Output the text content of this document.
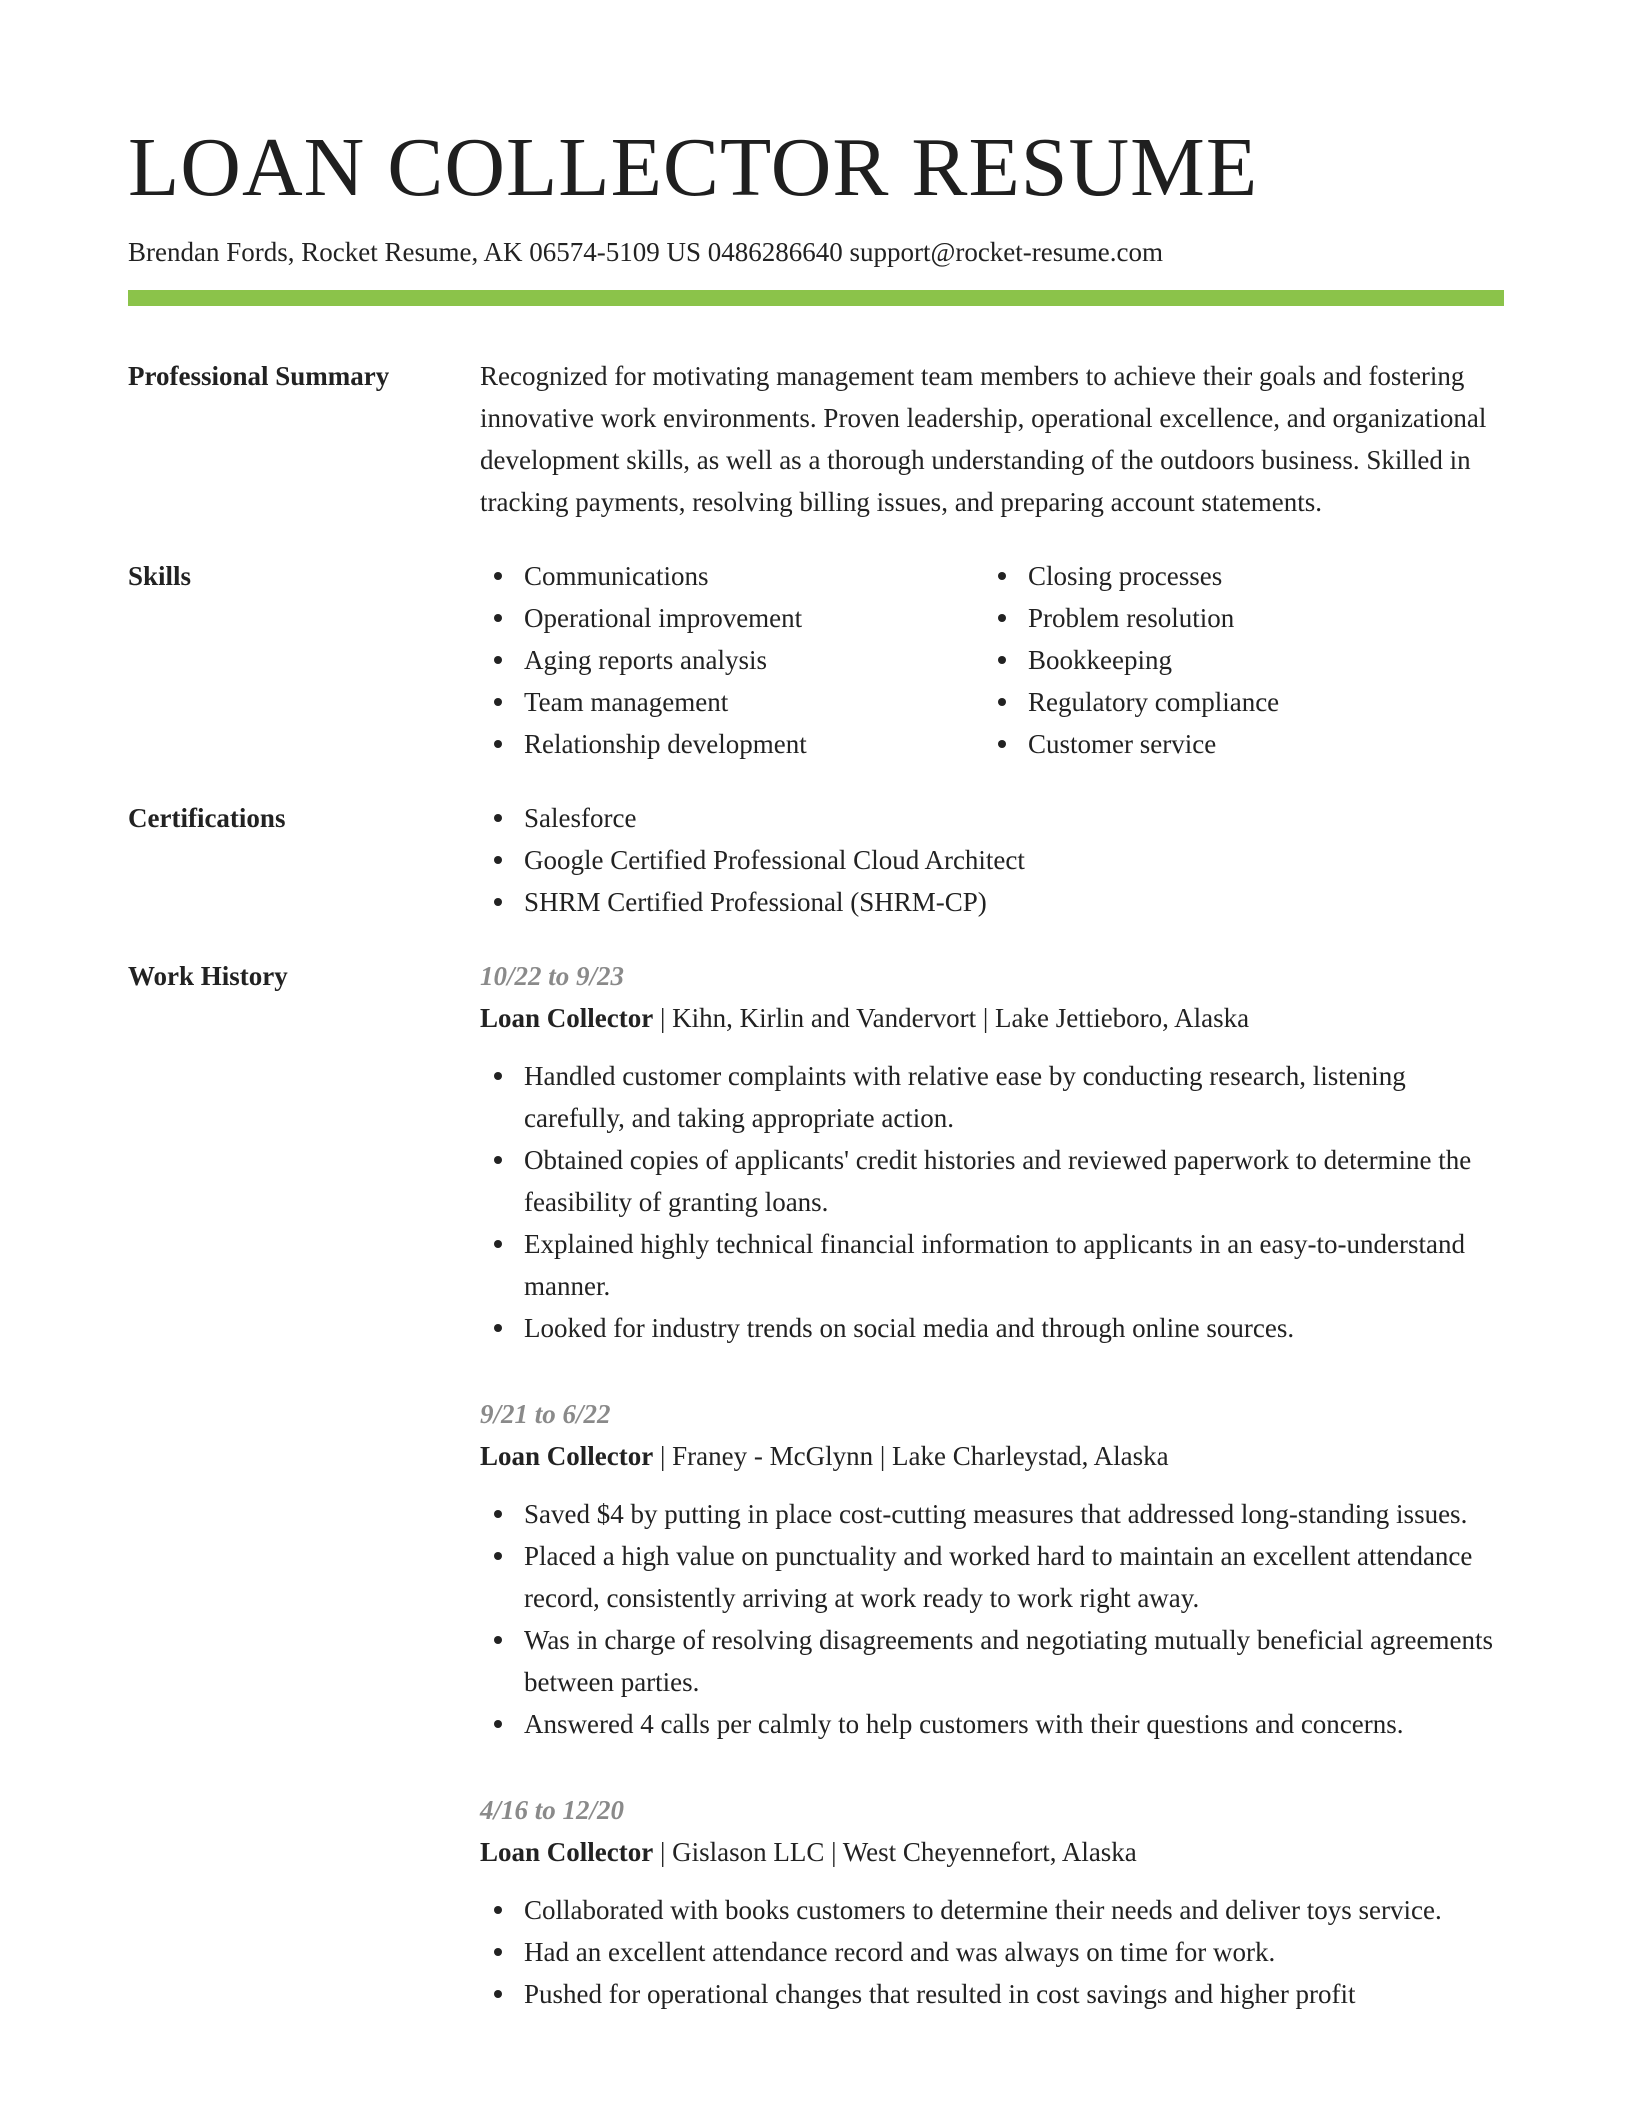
LOAN COLLECTOR RESUME
Brendan Fords, Rocket Resume, AK 06574-5109 US 0486286640 support@rocket-resume.com
Professional Summary	Recognized for motivating management team members to achieve their goals and fostering innovative work environments. Proven leadership, operational excellence, and organizational development skills, as well as a thorough understanding of the outdoors business. Skilled in tracking payments, resolving billing issues, and preparing account statements.
Skills	Communications
Operational improvement
Aging reports analysis
Team management
Relationship development
Closing processes
Problem resolution
Bookkeeping
Regulatory compliance
Customer service
Certifications	Salesforce
Google Certified Professional Cloud Architect
SHRM Certified Professional (SHRM-CP)
Work History	10/22 to 9/23
Loan Collector | Kihn, Kirlin and Vandervort | Lake Jettieboro, Alaska
Handled customer complaints with relative ease by conducting research, listening carefully, and taking appropriate action.
Obtained copies of applicants' credit histories and reviewed paperwork to determine the feasibility of granting loans.
Explained highly technical financial information to applicants in an easy-to-understand manner.
Looked for industry trends on social media and through online sources.
9/21 to 6/22
Loan Collector | Franey - McGlynn | Lake Charleystad, Alaska
Saved $4 by putting in place cost-cutting measures that addressed long-standing issues.
Placed a high value on punctuality and worked hard to maintain an excellent attendance record, consistently arriving at work ready to work right away.
Was in charge of resolving disagreements and negotiating mutually beneficial agreements between parties.
Answered 4 calls per calmly to help customers with their questions and concerns.
4/16 to 12/20
Loan Collector | Gislason LLC | West Cheyennefort, Alaska
Collaborated with books customers to determine their needs and deliver toys service.
Had an excellent attendance record and was always on time for work.
Pushed for operational changes that resulted in cost savings and higher profit
